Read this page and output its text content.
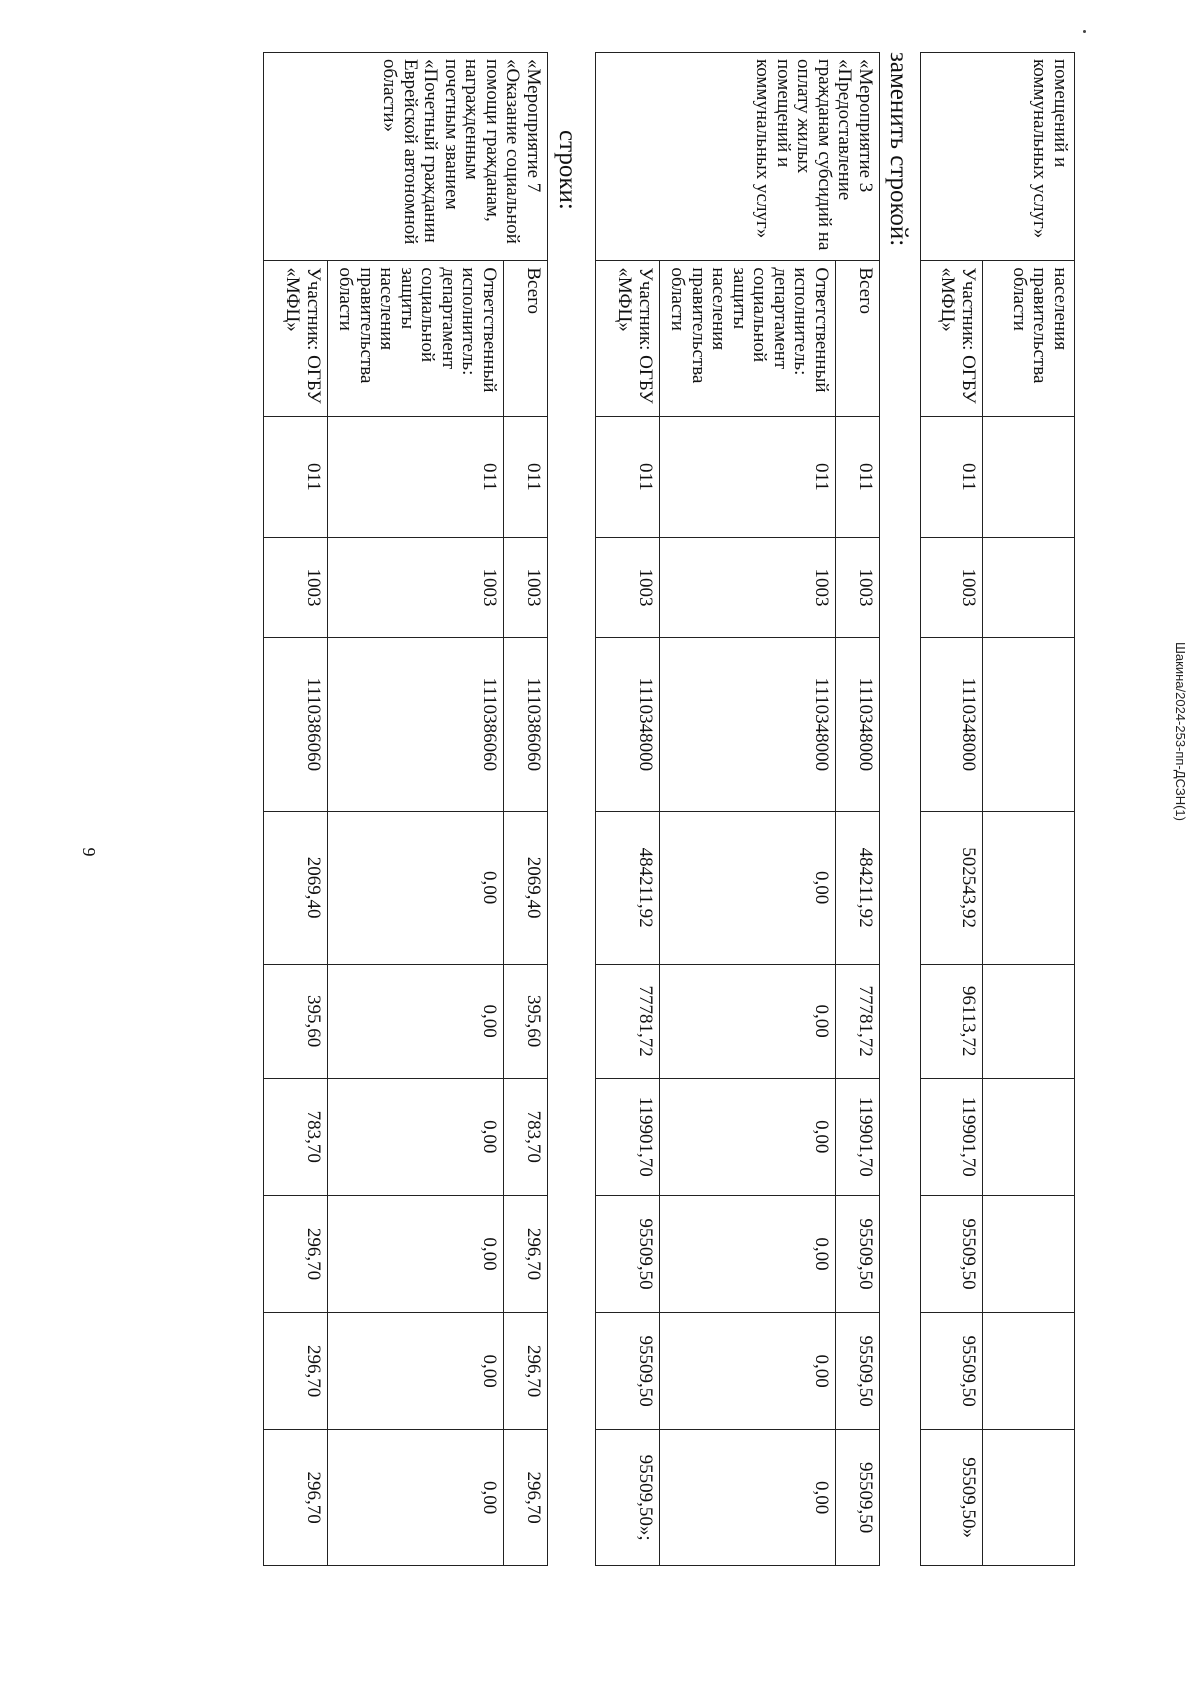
9
Шакина/2024-253-пп-ДСЗН(1)
помещений и коммунальных услуг»	населения правительства области									
	Участник: ОГБУ «МФЦ»	011	1003	1110348000	502543,92	96113,72	119901,70	95509,50	95509,50	95509,50»
заменить строкой:
«Мероприятие 3 «Предоставление гражданам субсидий на оплату жилых помещений и коммунальных услуг»	Всего	011	1003	1110348000	484211,92	77781,72	119901,70	95509,50	95509,50	95509,50
	Ответственный исполнитель: департамент социальной защиты населения правительства области	011	1003	1110348000	0,00	0,00	0,00	0,00	0,00	0,00
	Участник: ОГБУ «МФЦ»	011	1003	1110348000	484211,92	77781,72	119901,70	95509,50	95509,50	95509,50»;
строки:
«Мероприятие 7 «Оказание социальной помощи гражданам, награжденным почетным званием «Почетный гражданин Еврейской автономной области»	Всего	011	1003	1110386060	2069,40	395,60	783,70	296,70	296,70	296,70
	Ответственный исполнитель: департамент социальной защиты населения правительства области	011	1003	1110386060	0,00	0,00	0,00	0,00	0,00	0,00
	Участник: ОГБУ «МФЦ»	011	1003	1110386060	2069,40	395,60	783,70	296,70	296,70	296,70
